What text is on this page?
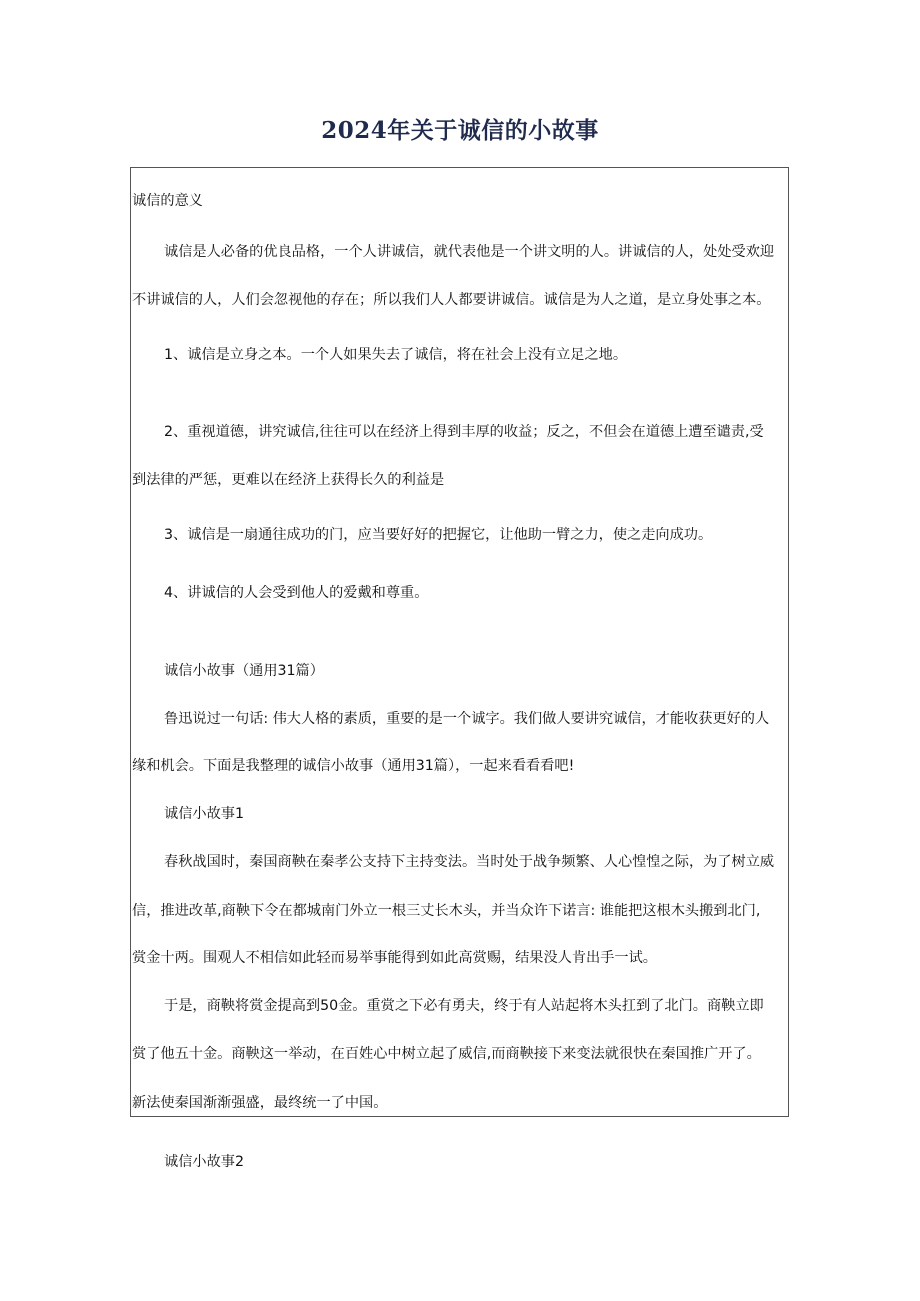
2024年关于诚信的小故事

诚信的意义

诚信是人必备的优良品格，一个人讲诚信，就代表他是一个讲文明的人。讲诚信的人，处处受欢迎

不讲诚信的人，人们会忽视他的存在；所以我们人人都要讲诚信。诚信是为人之道，是立身处事之本。

1、诚信是立身之本。一个人如果失去了诚信，将在社会上没有立足之地。

2、重视道德，讲究诚信,往往可以在经济上得到丰厚的收益；反之，不但会在道德上遭至谴责,受

到法律的严惩，更难以在经济上获得长久的利益是

3、诚信是一扇通往成功的门，应当要好好的把握它，让他助一臂之力，使之走向成功。

4、讲诚信的人会受到他人的爱戴和尊重。

诚信小故事（通用31篇）

鲁迅说过一句话: 伟大人格的素质，重要的是一个诚字。我们做人要讲究诚信，才能收获更好的人

缘和机会。下面是我整理的诚信小故事（通用31篇），一起来看看看吧!

诚信小故事1

春秋战国时，秦国商鞅在秦孝公支持下主持变法。当时处于战争频繁、人心惶惶之际，为了树立威

信，推进改革,商鞅下令在都城南门外立一根三丈长木头，并当众许下诺言: 谁能把这根木头搬到北门,

赏金十两。围观人不相信如此轻而易举事能得到如此高赏赐，结果没人肯出手一试。

于是，商鞅将赏金提高到50金。重赏之下必有勇夫，终于有人站起将木头扛到了北门。商鞅立即

赏了他五十金。商鞅这一举动，在百姓心中树立起了威信,而商鞅接下来变法就很快在秦国推广开了。

新法使秦国渐渐强盛，最终统一了中国。

诚信小故事2
